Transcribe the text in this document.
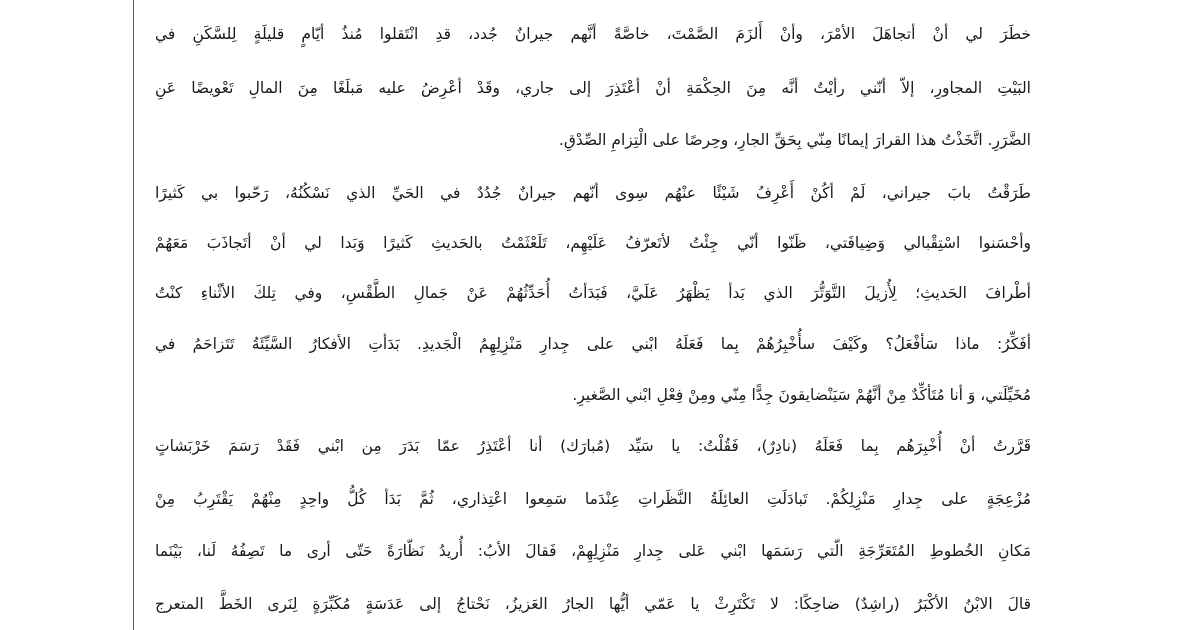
خطَرَ لي أنْ أتجاهَلَ الأمْرَ، وأنْ أَلزَمَ الصَّمْتَ، خاصَّةً أنَّهم جيرانٌ جُدد، قدِ انْتَقلوا مُنذُ أيّامٍ قليلَةٍ لِلسَّكَنِ في
البَيْتِ المجاورِ، إلاّ أنّني رأيْتُ أنَّه مِنَ الحِكْمَةِ أنْ أعْتَذِرَ إلى جاري، وقَدْ أعْرِضُ عليه مَبلَغًا مِنَ المالِ تَعْويضًا عَنِ
الضَّرَرِ. اتَّخَذْتُ هذا القرارَ إيمانًا مِنّي بِحَقِّ الجارِ، وحِرصًا على الْتِزامِ الصِّدْقِ.
طَرَقْتُ بابَ جيراني، لَمْ أكُنْ أَعْرِفُ شَيْئًا عنْهُم سِوى أنّهم جيرانٌ جُدُدٌ في الحَيِّ الذي نَسْكُنُهُ، رَحّبوا بي كَثيرًا
وأحْسَنوا اسْتِقْبالي وَضِيافَتي، ظَنّوا أنّي جِئْتُ لأتَعرّفُ عَلَيْهِم، تَلَعْثَمْتُ بالحَديثِ كَثيرًا وَبَدا لي أنْ أتَجاذَبَ مَعَهُمْ
أطْرافَ الحَديثِ؛ لِأُزيلَ التَّوَتُّرَ الذي بَدأ يَظْهَرُ عَلَيَّ، فَبَدَأتُ أُحَدِّثُهُمْ عَنْ جَمالِ الطَّقْسِ، وفي تِلكَ الأثْناءِ كنْتُ
أفَكِّرُ: ماذا سَأفْعَلُ؟ وكَيْفَ سأُخْبِرُهُمْ بِما فَعَلَهُ ابْني على جِدارِ مَنْزِلِهِمُ الْجَديدِ. بَدَأتِ الأفكارُ السَّيِّئَةُ تَتَزاحَمُ في
مُخَيِّلَتي، وَ أنا مُتَأكِّدٌ مِنْ أنَّهُمْ سَيَنْضايقونَ جِدًّا مِنّي ومِنْ فِعْلِ ابْني الصَّغيرِ.
قَرَّرتُ أنْ أُخْبِرَهُم بِما فَعَلَهُ (نادِرٌ)، فَقُلْتُ: يا سَيِّد (مُبارَك) أنا أعْتَذِرُ عمّا بَدَرَ مِن ابْني فَقَدْ رَسَمَ خَرْبَشاتٍ
مُزْعِجَةٍ على جِدارِ مَنْزِلِكُمْ. تَبادَلَتِ العائِلَةُ النَّظَراتِ عِنْدَما سَمِعوا اعْتِذاري، ثُمَّ بَدَأ كُلُّ واحِدٍ مِنْهُمْ يَقْتَرِبُ مِنْ
مَكانِ الخُطوطِ المُتَعَرِّجَةِ الّتي رَسَمَها ابْني عَلى جِدارِ مَنْزِلِهِمْ، فَقالَ الأبُ: أُريدُ نَظّارَةً حَتّى أرى ما تَصِفُهُ لَنا، بَيْنَما
قالَ الابْنُ الأكْبَرُ (راشِدٌ) ضاحِكًا: لا تَكْتَرِثْ يا عَمّي أيُّها الجارُ العَزيزُ، نَحْتاجُ إلى عَدَسَةٍ مُكَبِّرَةٍ لِنَرى الخَطَّ المتعرج
